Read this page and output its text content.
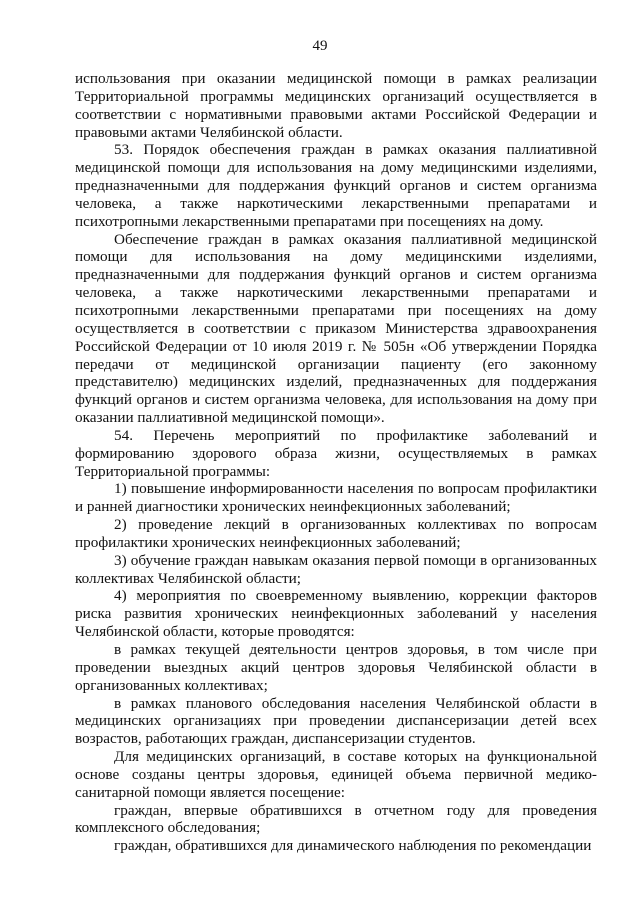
49

использования при оказании медицинской помощи в рамках реализации Территориальной программы медицинских организаций осуществляется в соответствии с нормативными правовыми актами Российской Федерации и правовыми актами Челябинской области.

53. Порядок обеспечения граждан в рамках оказания паллиативной медицинской помощи для использования на дому медицинскими изделиями, предназначенными для поддержания функций органов и систем организма человека, а также наркотическими лекарственными препаратами и психотропными лекарственными препаратами при посещениях на дому.

Обеспечение граждан в рамках оказания паллиативной медицинской помощи для использования на дому медицинскими изделиями, предназначенными для поддержания функций органов и систем организма человека, а также наркотическими лекарственными препаратами и психотропными лекарственными препаратами при посещениях на дому осуществляется в соответствии с приказом Министерства здравоохранения Российской Федерации от 10 июля 2019 г. № 505н «Об утверждении Порядка передачи от медицинской организации пациенту (его законному представителю) медицинских изделий, предназначенных для поддержания функций органов и систем организма человека, для использования на дому при оказании паллиативной медицинской помощи».

54. Перечень мероприятий по профилактике заболеваний и формированию здорового образа жизни, осуществляемых в рамках Территориальной программы:

1) повышение информированности населения по вопросам профилактики и ранней диагностики хронических неинфекционных заболеваний;

2) проведение лекций в организованных коллективах по вопросам профилактики хронических неинфекционных заболеваний;

3) обучение граждан навыкам оказания первой помощи в организованных коллективах Челябинской области;

4) мероприятия по своевременному выявлению, коррекции факторов риска развития хронических неинфекционных заболеваний у населения Челябинской области, которые проводятся:

в рамках текущей деятельности центров здоровья, в том числе при проведении выездных акций центров здоровья Челябинской области в организованных коллективах;

в рамках планового обследования населения Челябинской области в медицинских организациях при проведении диспансеризации детей всех возрастов, работающих граждан, диспансеризации студентов.

Для медицинских организаций, в составе которых на функциональной основе созданы центры здоровья, единицей объема первичной медико-санитарной помощи является посещение:

граждан, впервые обратившихся в отчетном году для проведения комплексного обследования;

граждан, обратившихся для динамического наблюдения по рекомендации
